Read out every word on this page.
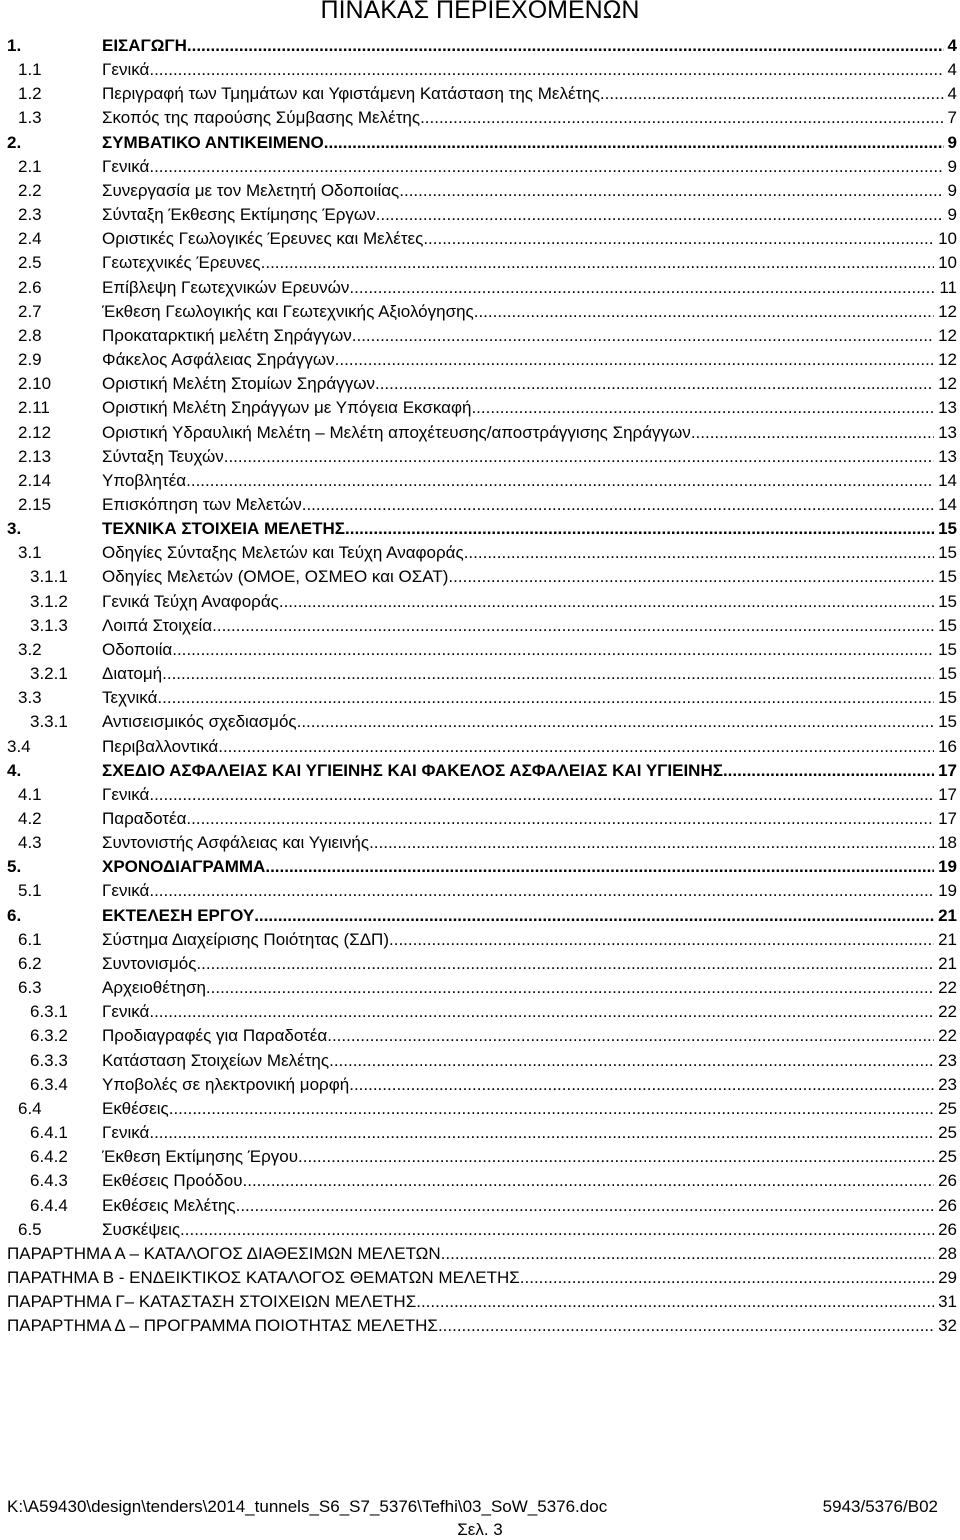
ΠΙΝΑΚΑΣ ΠΕΡΙΕΧΟΜΕΝΩΝ
1.	ΕΙΣΑΓΩΓΗ .....	4
1.1	Γενικά .....	4
1.2	Περιγραφή των Τμημάτων και Υφιστάμενη Κατάσταση της Μελέτης .....	4
1.3	Σκοπός της παρούσης Σύμβασης Μελέτης .....	7
2.	ΣΥΜΒΑΤΙΚΟ ΑΝΤΙΚΕΙΜΕΝΟ .....	9
2.1	Γενικά .....	9
2.2	Συνεργασία με τον Μελετητή Οδοποιίας .....	9
2.3	Σύνταξη Έκθεσης Εκτίμησης Έργων .....	9
2.4	Οριστικές Γεωλογικές Έρευνες και Μελέτες .....	10
2.5	Γεωτεχνικές Έρευνες .....	10
2.6	Επίβλεψη Γεωτεχνικών Ερευνών .....	11
2.7	Έκθεση Γεωλογικής και Γεωτεχνικής Αξιολόγησης .....	12
2.8	Προκαταρκτική μελέτη Σηράγγων .....	12
2.9	Φάκελος Ασφάλειας Σηράγγων .....	12
2.10	Οριστική Μελέτη Στομίων Σηράγγων .....	12
2.11	Οριστική Μελέτη Σηράγγων με Υπόγεια Εκσκαφή .....	13
2.12	Οριστική Υδραυλική Μελέτη – Μελέτη αποχέτευσης/αποστράγγισης Σηράγγων .....	13
2.13	Σύνταξη Τευχών .....	13
2.14	Υποβλητέα .....	14
2.15	Επισκόπηση των Μελετών .....	14
3.	ΤΕΧΝΙΚΑ ΣΤΟΙΧΕΙΑ ΜΕΛΕΤΗΣ .....	15
3.1	Οδηγίες Σύνταξης Μελετών και Τεύχη Αναφοράς .....	15
3.1.1 Οδηγίες Μελετών (ΟΜΟΕ, ΟΣΜΕΟ και ΟΣΑΤ) .....	15
3.1.2 Γενικά Τεύχη Αναφοράς .....	15
3.1.3 Λοιπά Στοιχεία .....	15
3.2	Οδοποιία .....	15
3.2.1 Διατομή .....	15
3.3	Τεχνικά .....	15
3.3.1 Αντισεισμικός σχεδιασμός .....	15
3.4	Περιβαλλοντικά .....	16
4.	ΣΧΕΔΙΟ ΑΣΦΑΛΕΙΑΣ ΚΑΙ ΥΓΙΕΙΝΗΣ ΚΑΙ ΦΑΚΕΛΟΣ ΑΣΦΑΛΕΙΑΣ ΚΑΙ ΥΓΙΕΙΝΗΣ .....	17
4.1	Γενικά .....	17
4.2	Παραδοτέα .....	17
4.3	Συντονιστής Ασφάλειας και Υγιεινής .....	18
5.	ΧΡΟΝΟΔΙΑΓΡΑΜΜΑ .....	19
5.1	Γενικά .....	19
6.	ΕΚΤΕΛΕΣΗ ΕΡΓΟΥ .....	21
6.1	Σύστημα Διαχείρισης Ποιότητας (ΣΔΠ) .....	21
6.2	Συντονισμός .....	21
6.3	Αρχειοθέτηση .....	22
6.3.1 Γενικά .....	22
6.3.2 Προδιαγραφές για Παραδοτέα .....	22
6.3.3 Κατάσταση Στοιχείων Μελέτης .....	23
6.3.4 Υποβολές σε ηλεκτρονική μορφή .....	23
6.4	Εκθέσεις .....	25
6.4.1 Γενικά .....	25
6.4.2 Έκθεση Εκτίμησης Έργου .....	25
6.4.3 Εκθέσεις Προόδου .....	26
6.4.4 Εκθέσεις Μελέτης .....	26
6.5	Συσκέψεις .....	26
ΠΑΡΑΡΤΗΜΑ Α – ΚΑΤΑΛΟΓΟΣ ΔΙΑΘΕΣΙΜΩΝ ΜΕΛΕΤΩΝ .....	28
ΠΑΡΑΤΗΜΑ Β - ΕΝΔΕΙΚΤΙΚΟΣ ΚΑΤΑΛΟΓΟΣ ΘΕΜΑΤΩΝ ΜΕΛΕΤΗΣ .....	29
ΠΑΡΑΡΤΗΜΑ Γ– ΚΑΤΑΣΤΑΣΗ ΣΤΟΙΧΕΙΩΝ ΜΕΛΕΤΗΣ .....	31
ΠΑΡΑΡΤΗΜΑ Δ – ΠΡΟΓΡΑΜΜΑ ΠΟΙΟΤΗΤΑΣ ΜΕΛΕΤΗΣ .....	32
K:\A59430\design\tenders\2014_tunnels_S6_S7_5376\Tefhi\03_SoW_5376.doc	5943/5376/B02
Σελ. 3
